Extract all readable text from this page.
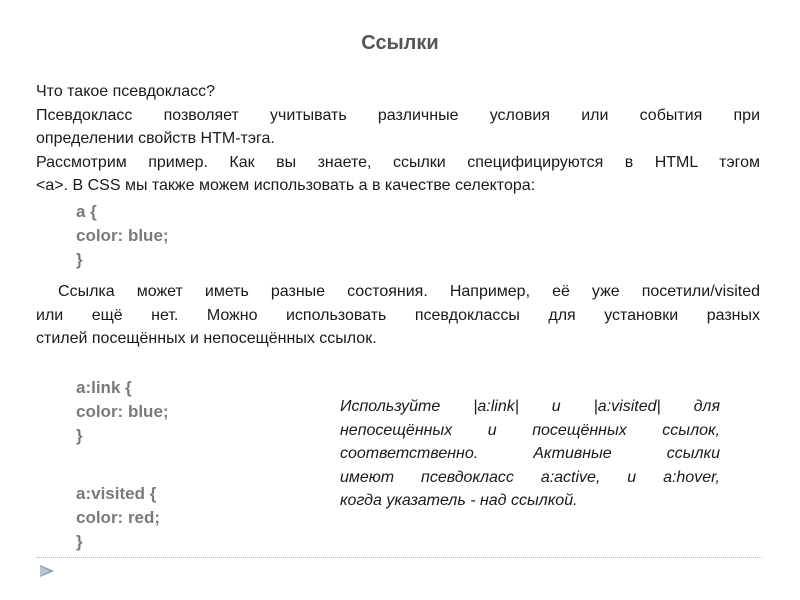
Ссылки
Что такое псевдокласс?
Псевдокласс позволяет учитывать различные условия или события при
определении свойств HTM-тэга.
Рассмотрим пример. Как вы знаете, ссылки специфицируются в HTML тэгом
<a>. В CSS мы также можем использовать a в качестве селектора:
a {
color: blue;
}
Ссылка может иметь разные состояния. Например, её уже посетили/visited
или ещё нет. Можно использовать псевдоклассы для установки разных
стилей посещённых и непосещённых ссылок.
a:link {
color: blue;
}
a:visited {
color: red;
}
Используйте |a:link| и |a:visited| для
непосещённых и посещённых ссылок,
соответственно. Активные ссылки
имеют псевдокласс a:active, и a:hover,
когда указатель - над ссылкой.
